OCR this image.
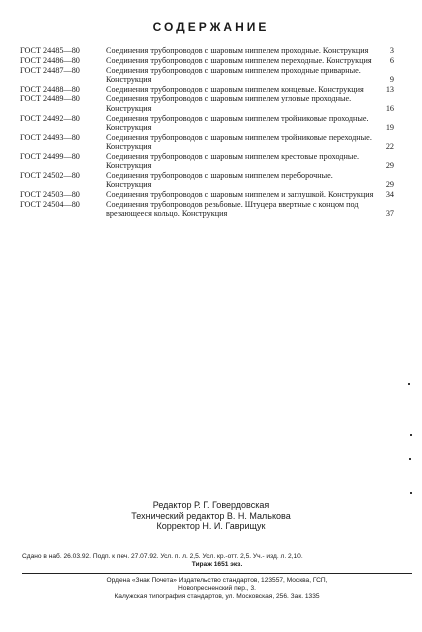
СОДЕРЖАНИЕ
ГОСТ 24485—80	Соединения трубопроводов с шаровым ниппелем проходные. Конструкция	3
ГОСТ 24486—80	Соединения трубопроводов с шаровым ниппелем переходные. Конструкция	6
ГОСТ 24487—80	Соединения трубопроводов с шаровым ниппелем проходные приварные. Конструкция	9
ГОСТ 24488—80	Соединения трубопроводов с шаровым ниппелем концевые. Конструкция	13
ГОСТ 24489—80	Соединения трубопроводов с шаровым ниппелем угловые проходные. Конструкция	16
ГОСТ 24492—80	Соединения трубопроводов с шаровым ниппелем тройниковые проходные. Конструкция	19
ГОСТ 24493—80	Соединения трубопроводов с шаровым ниппелем тройниковые переходные. Конструкция	22
ГОСТ 24499—80	Соединения трубопроводов с шаровым ниппелем крестовые проходные. Конструкция	29
ГОСТ 24502—80	Соединения трубопроводов с шаровым ниппелем переборочные. Конструкция	29
ГОСТ 24503—80	Соединения трубопроводов с шаровым ниппелем и заглушкой. Конструкция	34
ГОСТ 24504—80	Соединения трубопроводов резьбовые. Штуцера ввертные с концом под врезающееся кольцо. Конструкция	37
Редактор Р. Г. Говердовская
Технический редактор В. Н. Малькова
Корректор Н. И. Гаврищук
Сдано в наб. 26.03.92. Подп. к печ. 27.07.92. Усл. п. л. 2,5. Усл. кр.-отт. 2,5. Уч.- изд. л. 2,10.
Тираж 1651 экз.
Ордена «Знак Почета» Издательство стандартов, 123557, Москва, ГСП,
Новопресненский пер., 3.
Калужская типография стандартов, ул. Московская, 256. Зак. 1335
